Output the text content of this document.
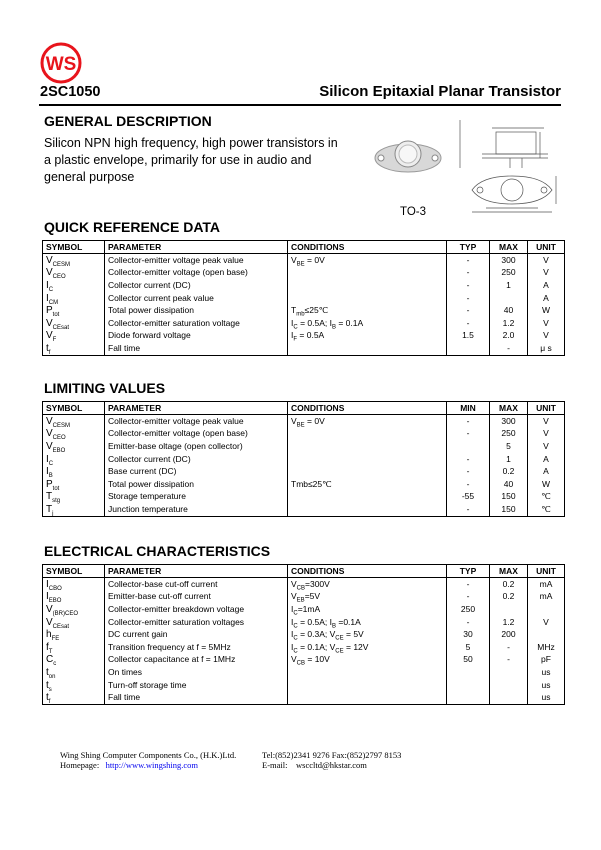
WS
2SC1050	Silicon Epitaxial Planar Transistor
GENERAL DESCRIPTION
Silicon NPN high frequency, high power transistors in a plastic envelope, primarily for use in audio and general purpose
TO-3
QUICK REFERENCE DATA
SYMBOL	PARAMETER	CONDITIONS	TYP	MAX	UNIT
$V_{CESM}$	Collector-emitter voltage peak value	$V_{BE} = 0V$	-	300	V
$V_{CEO}$	Collector-emitter voltage (open base)		-	250	V
$I_C$	Collector current (DC)		-	1	A
$I_{CM}$	Collector current peak value		-		A
$P_{tot}$	Total power dissipation	$T_{mb}\le 25℃$	-	40	W
$V_{CEsat}$	Collector-emitter saturation voltage	$I_C = 0.5A$; $I_B = 0.1A$	-	1.2	V
$V_F$	Diode forward voltage	$I_F = 0.5A$	1.5	2.0	V
$t_f$	Fall time			-	μ s
LIMITING VALUES
SYMBOL	PARAMETER	CONDITIONS	MIN	MAX	UNIT
$V_{CESM}$	Collector-emitter voltage peak value	$V_{BE} = 0V$	-	300	V
$V_{CEO}$	Collector-emitter voltage (open base)		-	250	V
$V_{EBO}$	Emitter-base oltage (open collector)			5	V
$I_C$	Collector current (DC)		-	1	A
$I_B$	Base current (DC)		-	0.2	A
$P_{tot}$	Total power dissipation	Tmb≤25℃	-	40	W
$T_{stg}$	Storage temperature		-55	150	℃
$T_j$	Junction temperature		-	150	℃
ELECTRICAL CHARACTERISTICS
SYMBOL	PARAMETER	CONDITIONS	TYP	MAX	UNIT
$I_{CBO}$	Collector-base cut-off current	$V_{CB}=300V$	-	0.2	mA
$I_{EBO}$	Emitter-base cut-off current	$V_{EB}=5V$	-	0.2	mA
$V_{(BR)CEO}$	Collector-emitter breakdown voltage	$I_C=1mA$	250		
$V_{CEsat}$	Collector-emitter saturation voltages	$I_C = 0.5A$; $I_B =0.1A$	-	1.2	V
$h_{FE}$	DC current gain	$I_C = 0.3A$; $V_{CE} = 5V$	30	200	
$f_T$	Transition frequency at f = 5MHz	$I_C = 0.1A$; $V_{CE} = 12V$	5	-	MHz
$C_c$	Collector capacitance at f = 1MHz	$V_{CB} = 10V$	50	-	pF
$t_{on}$	On times				us
$t_s$	Turn-off storage time				us
$t_f$	Fall time				us
Wing Shing Computer Components Co., (H.K.)Ltd.
Homepage: http://www.wingshing.com
Tel:(852)2341 9276 Fax:(852)2797 8153
E-mail: wsccltd@hkstar.com
